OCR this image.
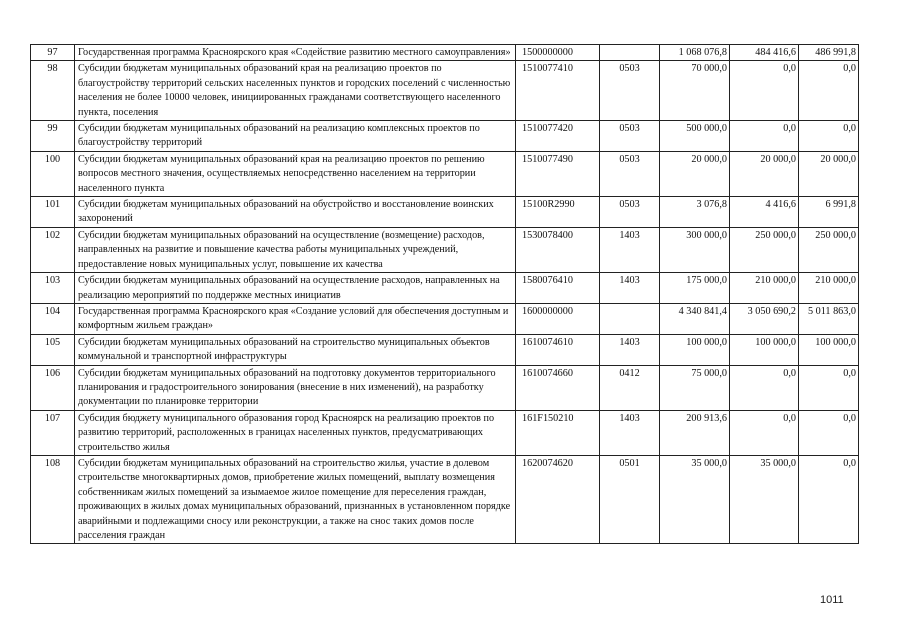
97	Государственная программа Красноярского края «Содействие развитию местного самоуправления»	1500000000		1 068 076,8	484 416,6	486 991,8
98	Субсидии бюджетам муниципальных образований края на реализацию проектов по благоустройству территорий сельских населенных пунктов и городских поселений с численностью населения не более 10000 человек, инициированных гражданами соответствующего населенного пункта, поселения	1510077410	0503	70 000,0	0,0	0,0
99	Субсидии бюджетам муниципальных образований на реализацию комплексных проектов по благоустройству территорий	1510077420	0503	500 000,0	0,0	0,0
100	Субсидии бюджетам муниципальных образований края на реализацию проектов по решению вопросов местного значения, осуществляемых непосредственно населением на территории населенного пункта	1510077490	0503	20 000,0	20 000,0	20 000,0
101	Субсидии бюджетам муниципальных образований на обустройство и восстановление воинских захоронений	15100R2990	0503	3 076,8	4 416,6	6 991,8
102	Субсидии бюджетам муниципальных образований на осуществление (возмещение) расходов, направленных на развитие и повышение качества работы муниципальных учреждений, предоставление новых муниципальных услуг, повышение их качества	1530078400	1403	300 000,0	250 000,0	250 000,0
103	Субсидии бюджетам муниципальных образований на осуществление расходов, направленных на реализацию мероприятий по поддержке местных инициатив	1580076410	1403	175 000,0	210 000,0	210 000,0
104	Государственная программа Красноярского края «Создание условий для обеспечения доступным и комфортным жильем граждан»	1600000000		4 340 841,4	3 050 690,2	5 011 863,0
105	Субсидии бюджетам муниципальных образований на строительство муниципальных объектов коммунальной и транспортной инфраструктуры	1610074610	1403	100 000,0	100 000,0	100 000,0
106	Субсидии бюджетам муниципальных образований на подготовку документов территориального планирования и градостроительного зонирования (внесение в них изменений), на разработку документации по планировке территории	1610074660	0412	75 000,0	0,0	0,0
107	Субсидия бюджету муниципального образования город Красноярск на реализацию проектов по развитию территорий, расположенных в границах населенных пунктов, предусматривающих строительство жилья	161F150210	1403	200 913,6	0,0	0,0
108	Субсидии бюджетам муниципальных образований на строительство жилья, участие в долевом строительстве многоквартирных домов, приобретение жилых помещений, выплату возмещения собственникам жилых помещений за изымаемое жилое помещение для переселения граждан, проживающих в жилых домах муниципальных образований, признанных в установленном порядке аварийными и подлежащими сносу или реконструкции, а также на снос таких домов после расселения граждан	1620074620	0501	35 000,0	35 000,0	0,0
1011
